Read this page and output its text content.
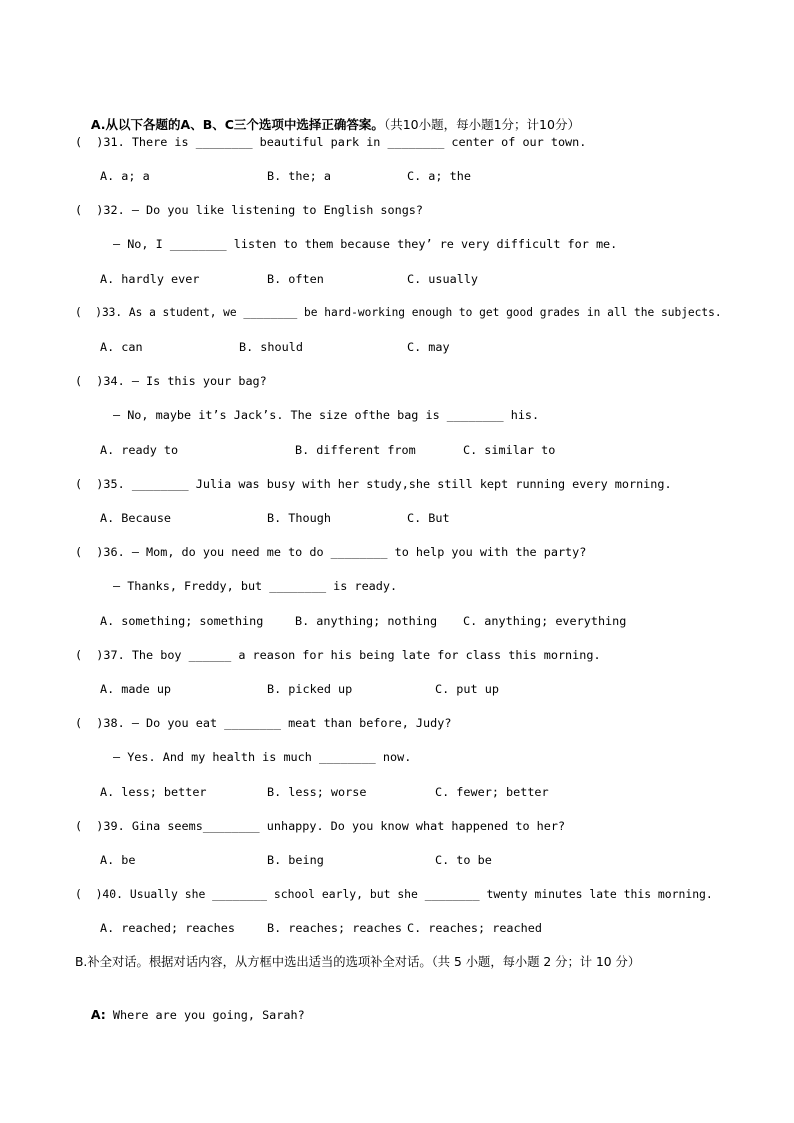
A.从以下各题的A、B、C三个选项中选择正确答案。（共10小题，每小题1分；计10分）

(  )31. There is ________ beautiful park in ________ center of our town.
A. a; a	B. the; a	C. a; the
(  )32. — Do you like listening to English songs?
— No, I ________ listen to them because they’ re very difficult for me.
A. hardly ever	B. often	C. usually
(  )33. As a student, we ________ be hard-working enough to get good grades in all the subjects.
A. can	B. should	C. may
(  )34. — Is this your bag?
— No, maybe it’s Jack’s. The size ofthe bag is ________ his.
A. ready to	B. different from	C. similar to
(  )35. ________ Julia was busy with her study,she still kept running every morning.
A. Because	B. Though	C. But
(  )36. — Mom, do you need me to do ________ to help you with the party?
— Thanks, Freddy, but ________ is ready.
A. something; something	B. anything; nothing C. anything; everything
(  )37. The boy ______ a reason for his being late for class this morning.
A. made up	B. picked up	C. put up
(  )38. — Do you eat ________ meat than before, Judy?
— Yes. And my health is much ________ now.
A. less; better	B. less; worse	C. fewer; better
(  )39. Gina seems________ unhappy. Do you know what happened to her?
A. be	B. being	C. to be
(  )40. Usually she ________ school early, but she ________ twenty minutes late this morning.
A. reached; reaches	B. reaches; reaches C. reaches; reached
B.补全对话。根据对话内容，从方框中选出适当的选项补全对话。（共 5 小题，每小题 2 分；计 10 分）

A: Where are you going, Sarah?
